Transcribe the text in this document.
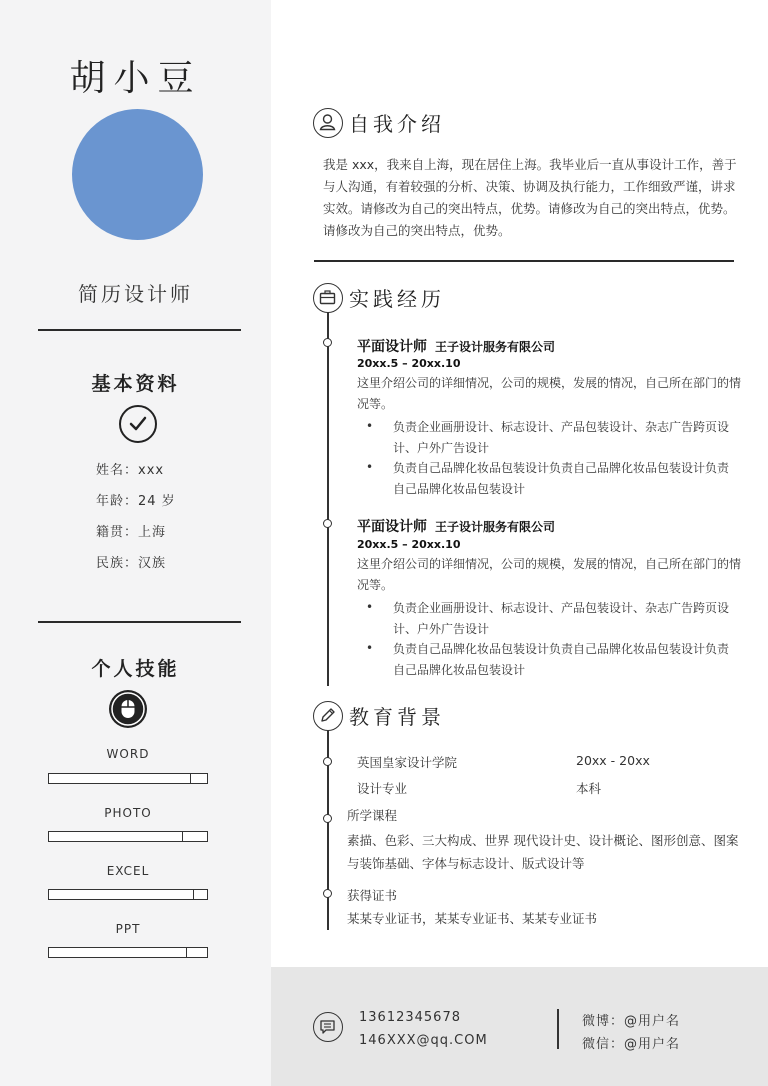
胡小豆
简历设计师
基本资料
姓名：xxx
年龄：24 岁
籍贯：上海
民族：汉族
个人技能
WORD
PHOTO
EXCEL
PPT
自我介绍
我是 xxx，我来自上海，现在居住上海。我毕业后一直从事设计工作，善于与人沟通，有着较强的分析、决策、协调及执行能力，工作细致严谨，讲求实效。请修改为自己的突出特点，优势。请修改为自己的突出特点，优势。请修改为自己的突出特点，优势。
实践经历
平面设计师 王子设计服务有限公司
20xx.5 – 20xx.10
这里介绍公司的详细情况，公司的规模，发展的情况，自己所在部门的情况等。
• 负责企业画册设计、标志设计、产品包装设计、杂志广告跨页设计、户外广告设计
• 负责自己品牌化妆品包装设计负责自己品牌化妆品包装设计负责自己品牌化妆品包装设计
平面设计师 王子设计服务有限公司
20xx.5 – 20xx.10
这里介绍公司的详细情况，公司的规模，发展的情况，自己所在部门的情况等。
• 负责企业画册设计、标志设计、产品包装设计、杂志广告跨页设计、户外广告设计
• 负责自己品牌化妆品包装设计负责自己品牌化妆品包装设计负责自己品牌化妆品包装设计
教育背景
英国皇家设计学院	20xx - 20xx
设计专业	本科
所学课程
素描、色彩、三大构成、世界 现代设计史、设计概论、图形创意、图案与装饰基础、字体与标志设计、版式设计等
获得证书
某某专业证书，某某专业证书、某某专业证书
13612345678
146XXX@qq.COM
微博：@用户名
微信：@用户名
